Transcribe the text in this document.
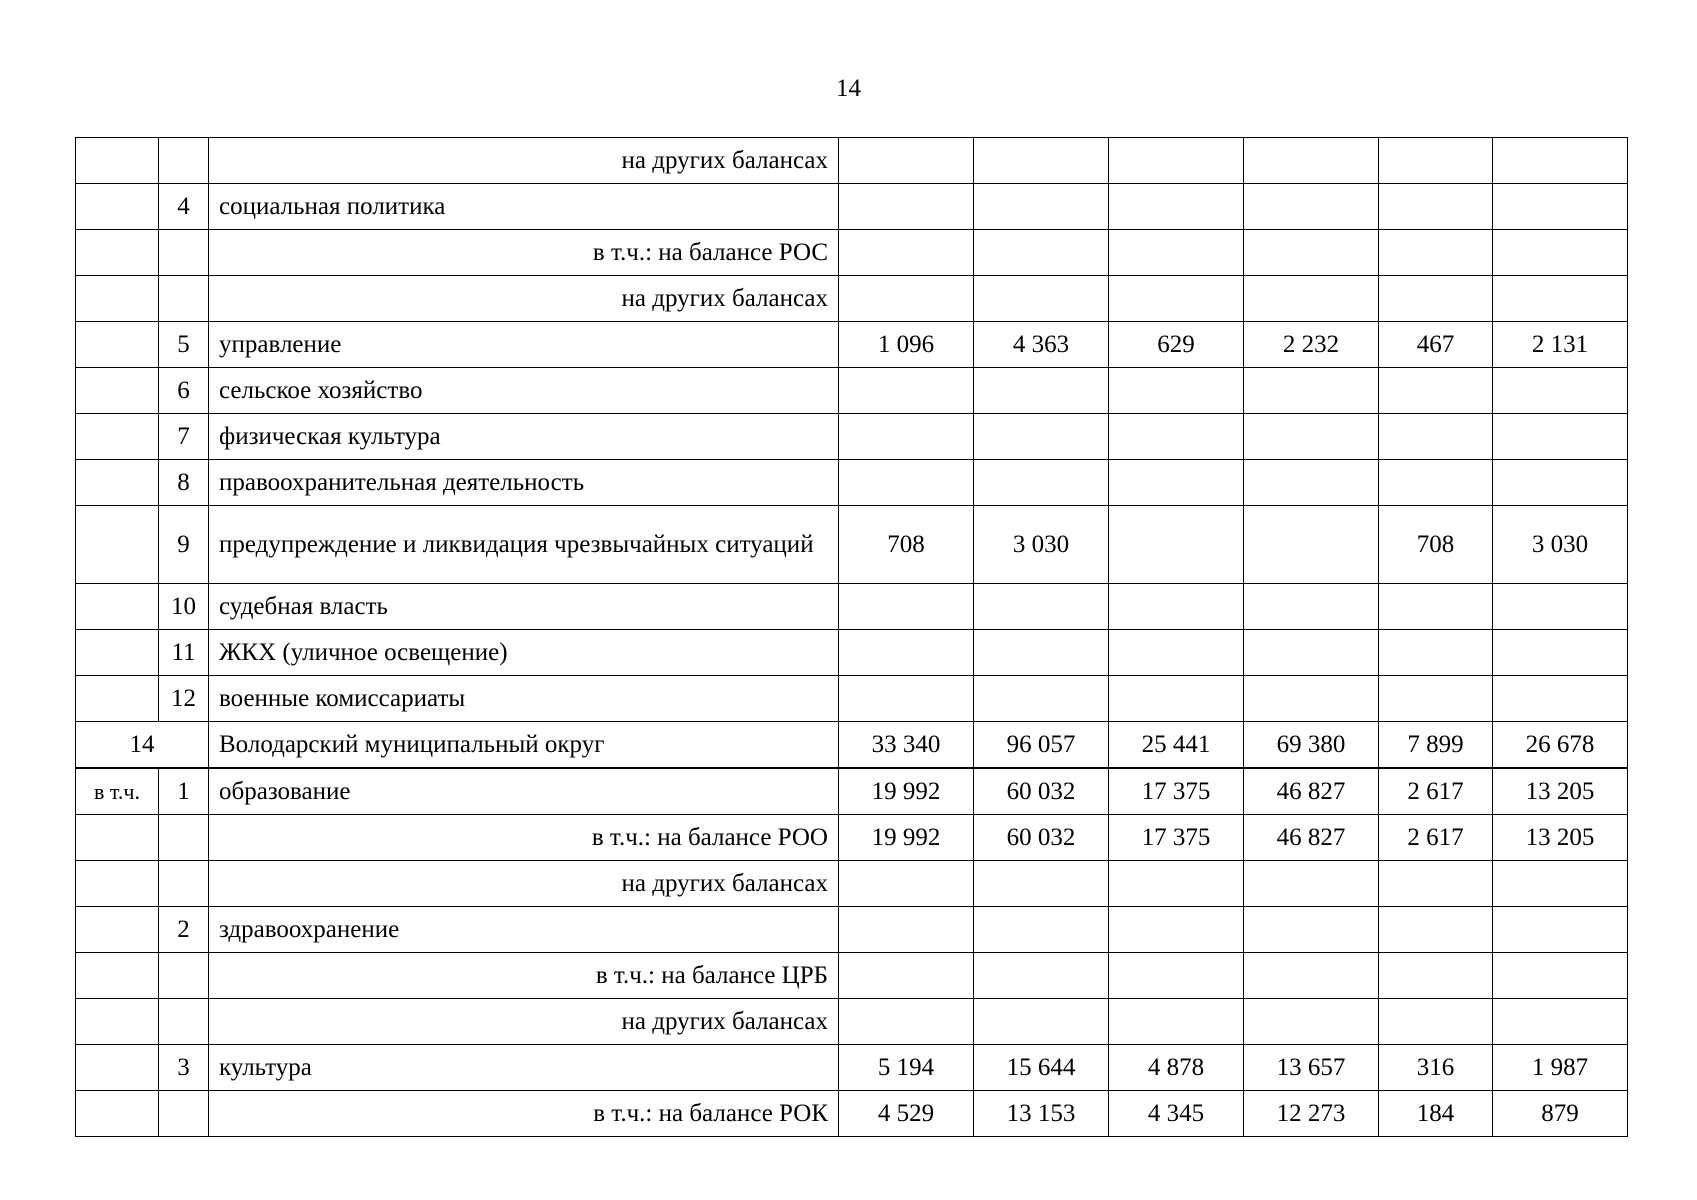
14
		на других балансах						
	4	социальная политика						
		в т.ч.: на балансе РОС						
		на других балансах						
	5	управление	1 096	4 363	629	2 232	467	2 131
	6	сельское хозяйство						
	7	физическая культура						
	8	правоохранительная деятельность						
	9	предупреждение и ликвидация чрезвычайных ситуаций	708	3 030			708	3 030
	10	судебная власть						
	11	ЖКХ (уличное освещение)						
	12	военные комиссариаты						
14		Володарский муниципальный округ	33 340	96 057	25 441	69 380	7 899	26 678
в т.ч.	1	образование	19 992	60 032	17 375	46 827	2 617	13 205
		в т.ч.: на балансе РОО	19 992	60 032	17 375	46 827	2 617	13 205
		на других балансах						
	2	здравоохранение						
		в т.ч.: на балансе ЦРБ						
		на других балансах						
	3	культура	5 194	15 644	4 878	13 657	316	1 987
		в т.ч.: на балансе РОК	4 529	13 153	4 345	12 273	184	879
